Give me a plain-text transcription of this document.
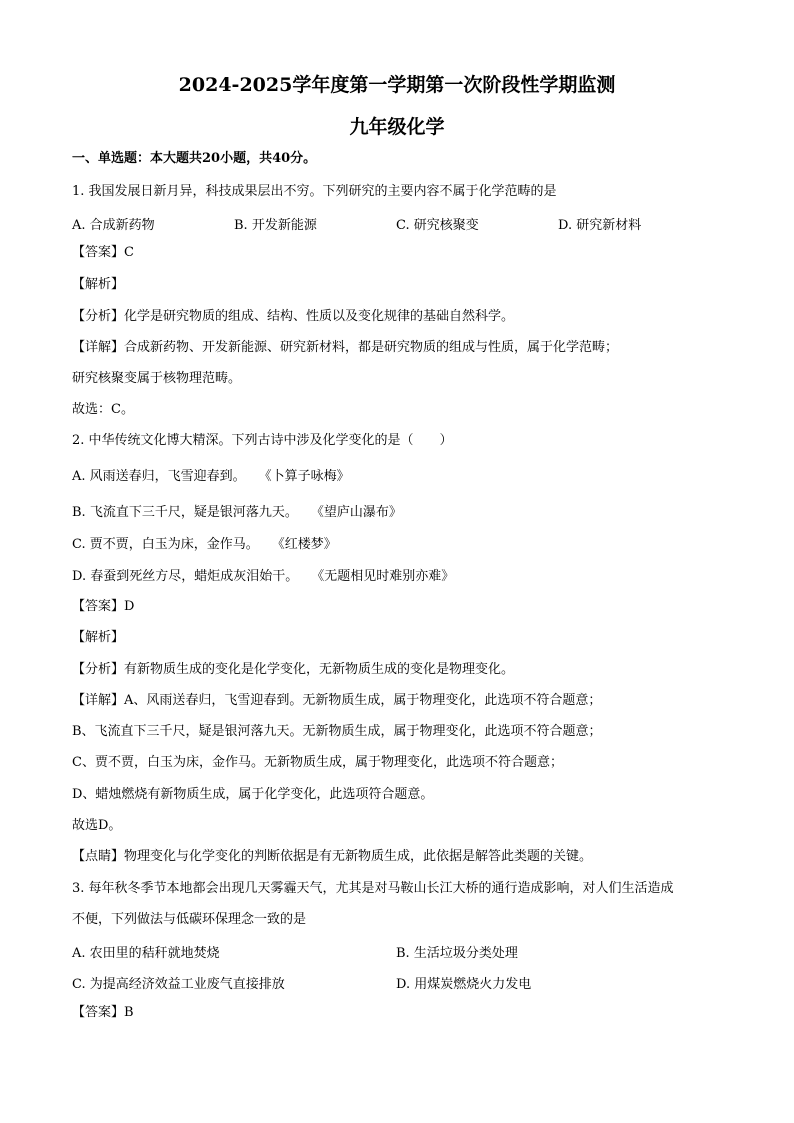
2024-2025学年度第一学期第一次阶段性学期监测
九年级化学
一、单选题：本大题共20小题，共40分。
1. 我国发展日新月异，科技成果层出不穷。下列研究的主要内容不属于化学范畴的是
A. 合成新药物	B. 开发新能源	C. 研究核聚变	D. 研究新材料
【答案】C
【解析】
【分析】化学是研究物质的组成、结构、性质以及变化规律的基础自然科学。
【详解】合成新药物、开发新能源、研究新材料，都是研究物质的组成与性质，属于化学范畴；
研究核聚变属于核物理范畴。
故选：C。
2. 中华传统文化博大精深。下列古诗中涉及化学变化的是（　　）
A. 风雨送春归，飞雪迎春到。　　《卜算子咏梅》
B. 飞流直下三千尺，疑是银河落九天。　　《望庐山瀑布》
C. 贾不贾，白玉为床，金作马。　　《红楼梦》
D. 春蚕到死丝方尽，蜡炬成灰泪始干。　　《无题相见时难别亦难》
【答案】D
【解析】
【分析】有新物质生成的变化是化学变化，无新物质生成的变化是物理变化。
【详解】A、风雨送春归，飞雪迎春到。无新物质生成，属于物理变化，此选项不符合题意；
B、飞流直下三千尺，疑是银河落九天。无新物质生成，属于物理变化，此选项不符合题意；
C、贾不贾，白玉为床，金作马。无新物质生成，属于物理变化，此选项不符合题意；
D、蜡烛燃烧有新物质生成，属于化学变化，此选项符合题意。
故选D。
【点睛】物理变化与化学变化的判断依据是有无新物质生成，此依据是解答此类题的关键。
3. 每年秋冬季节本地都会出现几天雾霾天气，尤其是对马鞍山长江大桥的通行造成影响，对人们生活造成
不便，下列做法与低碳环保理念一致的是
A. 农田里的秸秆就地焚烧	B. 生活垃圾分类处理
C. 为提高经济效益工业废气直接排放	D. 用煤炭燃烧火力发电
【答案】B
